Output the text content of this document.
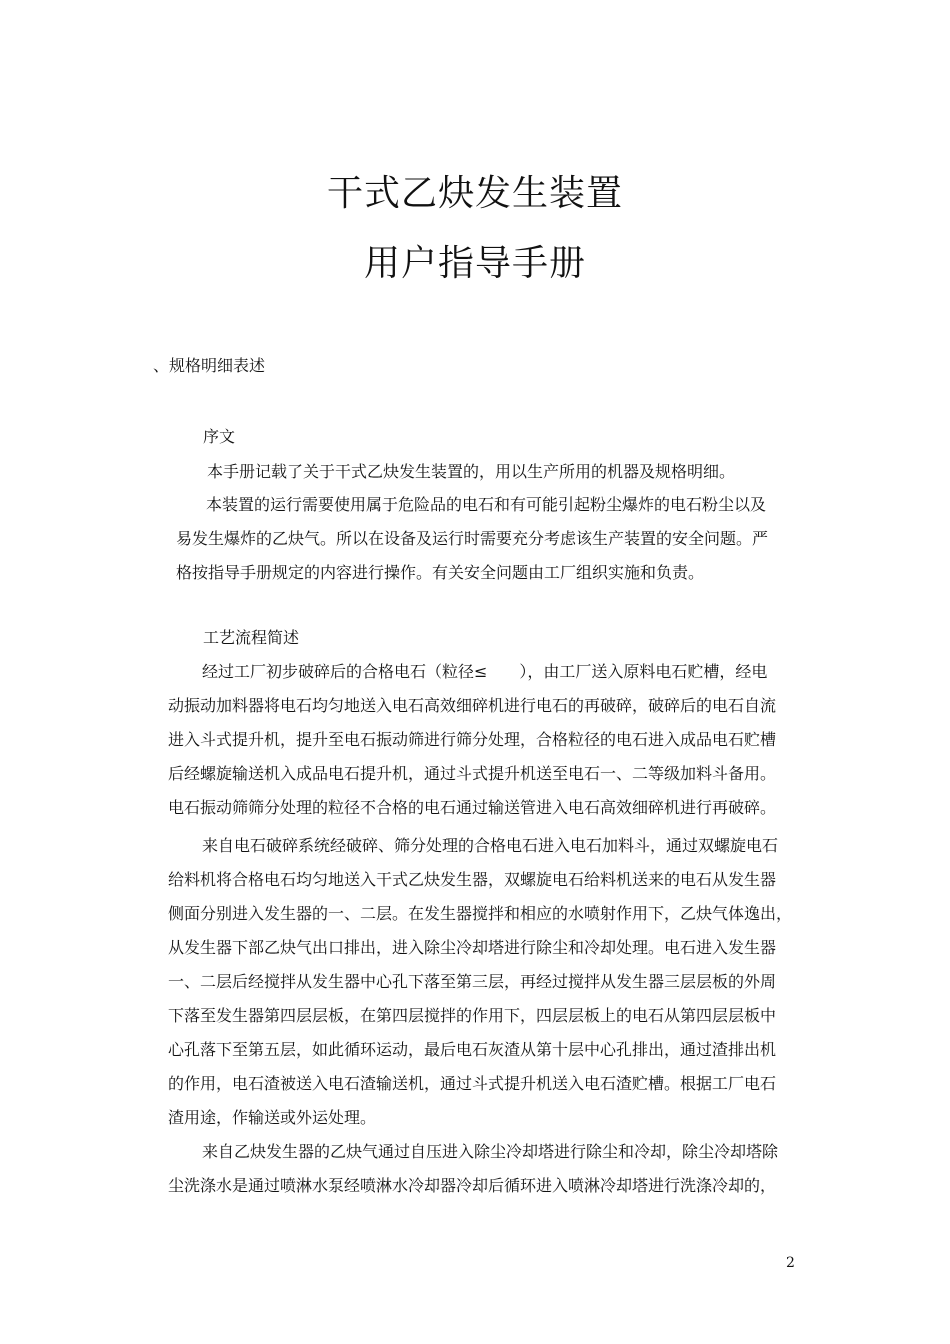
干式乙炔发生装置
用户指导手册
、规格明细表述
序文
本手册记载了关于干式乙炔发生装置的，用以生产所用的机器及规格明细。
本装置的运行需要使用属于危险品的电石和有可能引起粉尘爆炸的电石粉尘以及
易发生爆炸的乙炔气。所以在设备及运行时需要充分考虑该生产装置的安全问题。严
格按指导手册规定的内容进行操作。有关安全问题由工厂组织实施和负责。
工艺流程简述
经过工厂初步破碎后的合格电石（粒径≤　　），由工厂送入原料电石贮槽，经电
动振动加料器将电石均匀地送入电石高效细碎机进行电石的再破碎，破碎后的电石自流
进入斗式提升机，提升至电石振动筛进行筛分处理，合格粒径的电石进入成品电石贮槽
后经螺旋输送机入成品电石提升机，通过斗式提升机送至电石一、二等级加料斗备用。
电石振动筛筛分处理的粒径不合格的电石通过输送管进入电石高效细碎机进行再破碎。
来自电石破碎系统经破碎、筛分处理的合格电石进入电石加料斗，通过双螺旋电石
给料机将合格电石均匀地送入干式乙炔发生器，双螺旋电石给料机送来的电石从发生器
侧面分别进入发生器的一、二层。在发生器搅拌和相应的水喷射作用下，乙炔气体逸出，
从发生器下部乙炔气出口排出，进入除尘冷却塔进行除尘和冷却处理。电石进入发生器
一、二层后经搅拌从发生器中心孔下落至第三层，再经过搅拌从发生器三层层板的外周
下落至发生器第四层层板，在第四层搅拌的作用下，四层层板上的电石从第四层层板中
心孔落下至第五层，如此循环运动，最后电石灰渣从第十层中心孔排出，通过渣排出机
的作用，电石渣被送入电石渣输送机，通过斗式提升机送入电石渣贮槽。根据工厂电石
渣用途，作输送或外运处理。
来自乙炔发生器的乙炔气通过自压进入除尘冷却塔进行除尘和冷却，除尘冷却塔除
尘洗涤水是通过喷淋水泵经喷淋水冷却器冷却后循环进入喷淋冷却塔进行洗涤冷却的，
2
